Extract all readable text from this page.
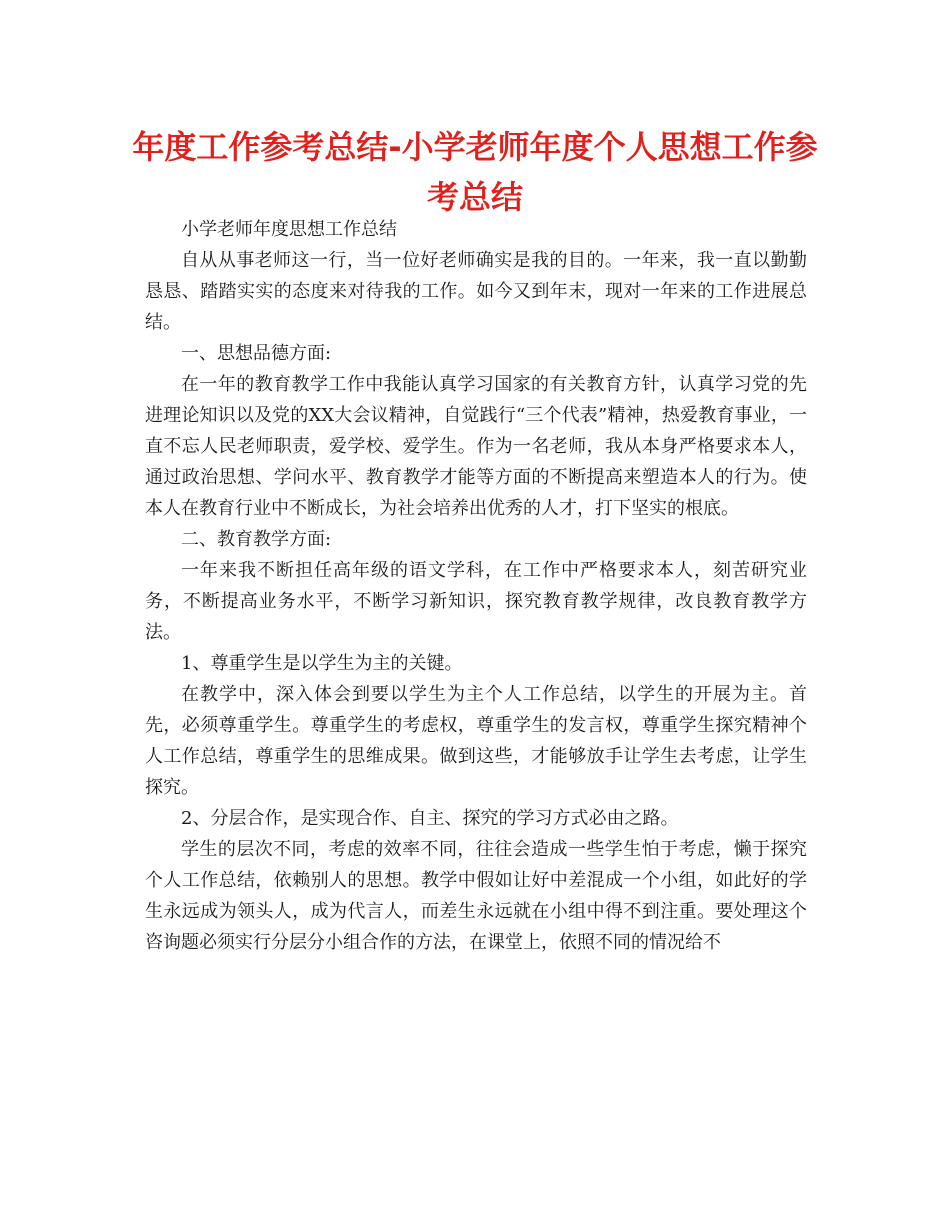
年度工作参考总结-小学老师年度个人思想工作参考总结

小学老师年度思想工作总结

自从从事老师这一行，当一位好老师确实是我的目的。一年来，我一直以勤勤恳恳、踏踏实实的态度来对待我的工作。如今又到年末，现对一年来的工作进展总结。

一、思想品德方面:

在一年的教育教学工作中我能认真学习国家的有关教育方针，认真学习党的先进理论知识以及党的XX大会议精神，自觉践行“三个代表”精神，热爱教育事业，一直不忘人民老师职责，爱学校、爱学生。作为一名老师，我从本身严格要求本人，通过政治思想、学问水平、教育教学才能等方面的不断提高来塑造本人的行为。使本人在教育行业中不断成长，为社会培养出优秀的人才，打下坚实的根底。

二、教育教学方面:

一年来我不断担任高年级的语文学科，在工作中严格要求本人，刻苦研究业务，不断提高业务水平，不断学习新知识，探究教育教学规律，改良教育教学方法。

1、尊重学生是以学生为主的关键。

在教学中，深入体会到要以学生为主个人工作总结，以学生的开展为主。首先，必须尊重学生。尊重学生的考虑权，尊重学生的发言权，尊重学生探究精神个人工作总结，尊重学生的思维成果。做到这些，才能够放手让学生去考虑，让学生探究。

2、分层合作，是实现合作、自主、探究的学习方式必由之路。

学生的层次不同，考虑的效率不同，往往会造成一些学生怕于考虑，懒于探究个人工作总结，依赖别人的思想。教学中假如让好中差混成一个小组，如此好的学生永远成为领头人，成为代言人，而差生永远就在小组中得不到注重。要处理这个咨询题必须实行分层分小组合作的方法，在课堂上，依照不同的情况给不
